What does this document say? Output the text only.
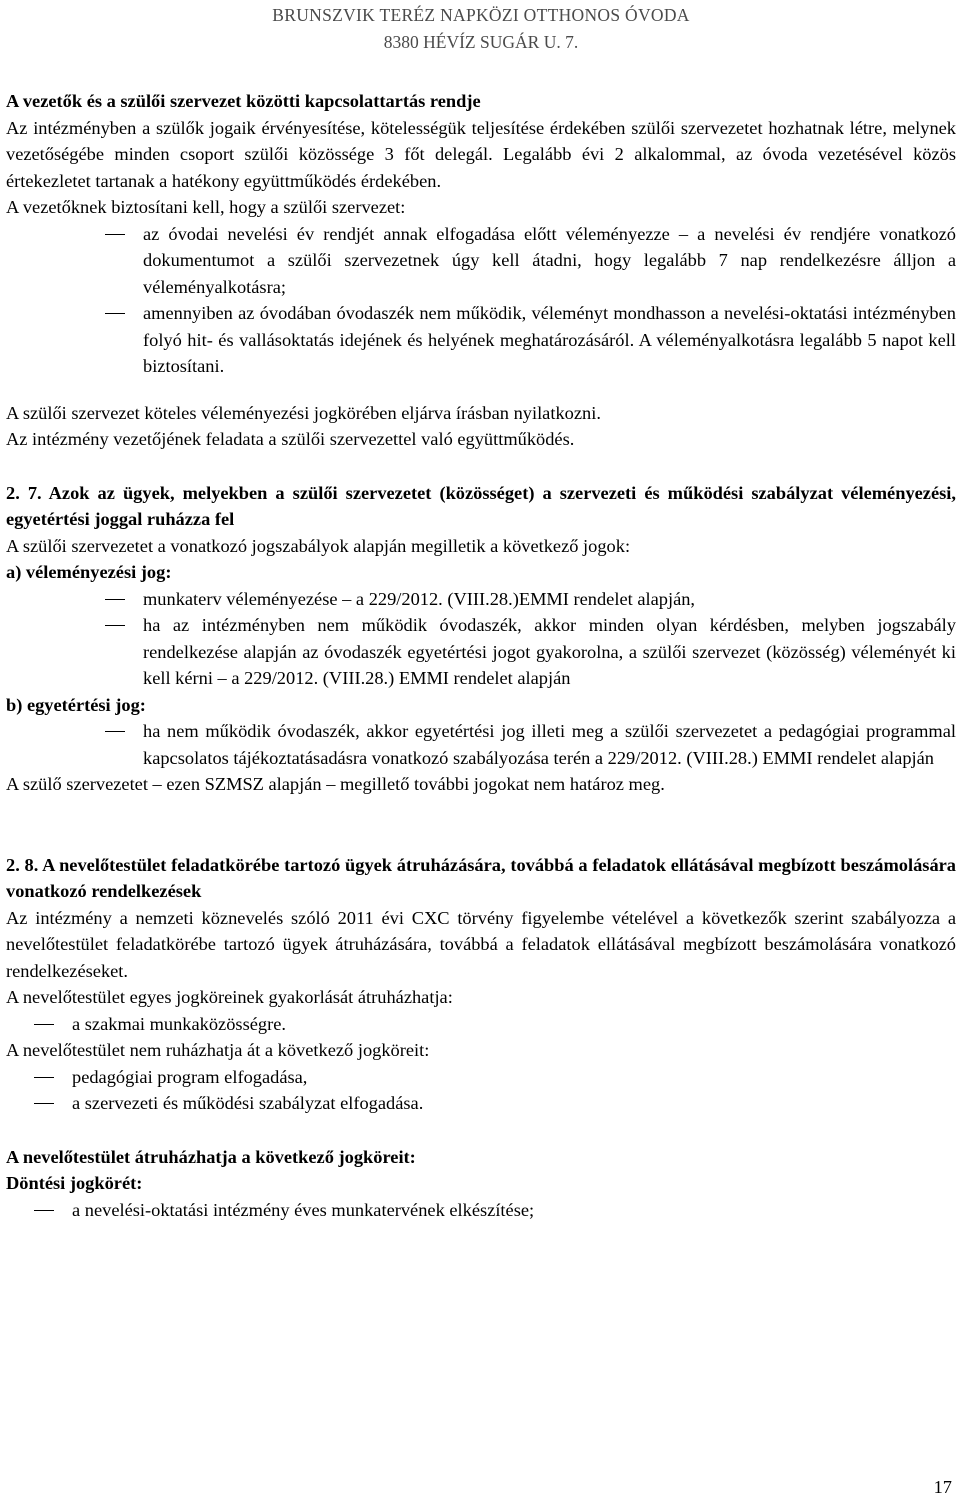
BRUNSZVIK TERÉZ NAPKÖZI OTTHONOS ÓVODA
8380 HÉVÍZ SUGÁR U. 7.

A vezetők és a szülői szervezet közötti kapcsolattartás rendje

Az intézményben a szülők jogaik érvényesítése, kötelességük teljesítése érdekében szülői szervezetet hozhatnak létre, melynek vezetőségébe minden csoport szülői közössége 3 főt delegál. Legalább évi 2 alkalommal, az óvoda vezetésével közös értekezletet tartanak a hatékony együttműködés érdekében.

A vezetőknek biztosítani kell, hogy a szülői szervezet:

az óvodai nevelési év rendjét annak elfogadása előtt véleményezze – a nevelési év rendjére vonatkozó dokumentumot a szülői szervezetnek úgy kell átadni, hogy legalább 7 nap rendelkezésre álljon a véleményalkotásra;
amennyiben az óvodában óvodaszék nem működik, véleményt mondhasson a nevelési-oktatási intézményben folyó hit- és vallásoktatás idejének és helyének meghatározásáról. A véleményalkotásra legalább 5 napot kell biztosítani.

A szülői szervezet köteles véleményezési jogkörében eljárva írásban nyilatkozni.

Az intézmény vezetőjének feladata a szülői szervezettel való együttműködés.

2. 7. Azok az ügyek, melyekben a szülői szervezetet (közösséget) a szervezeti és működési szabályzat véleményezési, egyetértési joggal ruházza fel

A szülői szervezetet a vonatkozó jogszabályok alapján megilletik a következő jogok:

a) véleményezési jog:

munkaterv véleményezése – a 229/2012. (VIII.28.)EMMI rendelet alapján,
ha az intézményben nem működik óvodaszék, akkor minden olyan kérdésben, melyben jogszabály rendelkezése alapján az óvodaszék egyetértési jogot gyakorolna, a szülői szervezet (közösség) véleményét ki kell kérni – a 229/2012. (VIII.28.) EMMI rendelet alapján

b) egyetértési jog:

ha nem működik óvodaszék, akkor egyetértési jog illeti meg a szülői szervezetet a pedagógiai programmal kapcsolatos tájékoztatásadásra vonatkozó szabályozása terén a 229/2012. (VIII.28.) EMMI rendelet alapján

A szülő szervezetet – ezen SZMSZ alapján – megillető további jogokat nem határoz meg.

2. 8. A nevelőtestület feladatkörébe tartozó ügyek átruházására, továbbá a feladatok ellátásával megbízott beszámolására vonatkozó rendelkezések

Az intézmény a nemzeti köznevelés szóló 2011 évi CXC törvény figyelembe vételével a következők szerint szabályozza a nevelőtestület feladatkörébe tartozó ügyek átruházására, továbbá a feladatok ellátásával megbízott beszámolására vonatkozó rendelkezéseket.

A nevelőtestület egyes jogköreinek gyakorlását átruházhatja:

a szakmai munkaközösségre.

A nevelőtestület nem ruházhatja át a következő jogköreit:

pedagógiai program elfogadása,
a szervezeti és működési szabályzat elfogadása.

A nevelőtestület átruházhatja a következő jogköreit:

Döntési jogkörét:

a nevelési-oktatási intézmény éves munkatervének elkészítése;
17
